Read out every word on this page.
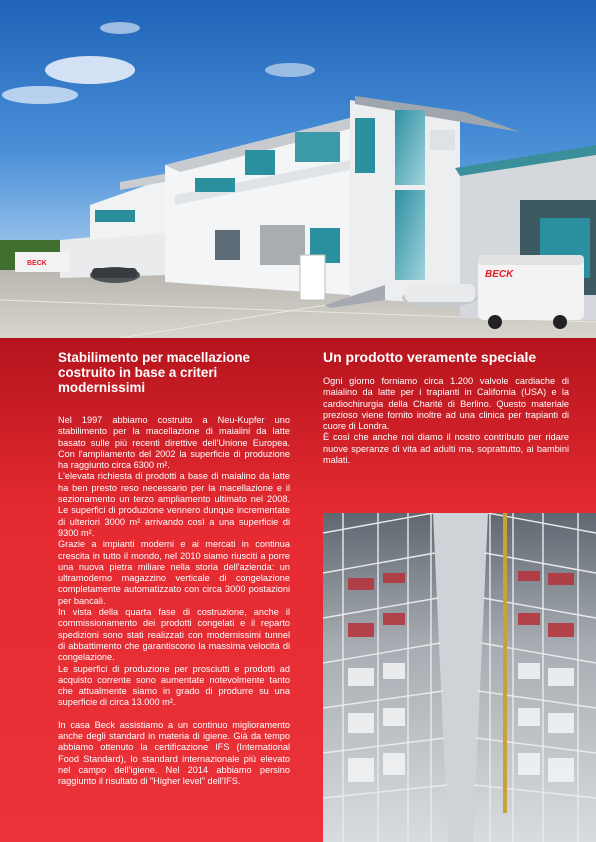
BECK
BECK
Stabilimento per macellazione costruito in base a criteri modernissimi

Nel 1997 abbiamo costruito a Neu-Kupfer uno stabilimento per la macellazione di maialini da latte basato sulle più recenti direttive dell'Unione Europea. Con l'ampliamento del 2002 la superficie di produzione ha raggiunto circa 6300 m².

L'elevata richiesta di prodotti a base di maialino da latte ha ben presto reso necessario per la macellazione e il sezionamento un terzo ampliamento ultimato nel 2008. Le superfici di produzione vennero dunque incrementate di ulteriori 3000 m² arrivando così a una superficie di 9300 m².

Grazie a impianti moderni e ai mercati in continua crescita in tutto il mondo, nel 2010 siamo riusciti a porre una nuova pietra miliare nella storia dell'azienda: un ultramoderno magazzino verticale di congelazione completamente automatizzato con circa 3000 postazioni per bancali.

In vista della quarta fase di costruzione, anche il commissionamento dei prodotti congelati e il reparto spedizioni sono stati realizzati con modernissimi tunnel di abbattimento che garantiscono la massima velocità di congelazione.

Le superfici di produzione per prosciutti e prodotti ad acquisto corrente sono aumentate notevolmente tanto che attualmente siamo in grado di produrre su una superficie di circa 13.000 m².

In casa Beck assistiamo a un continuo miglioramento anche degli standard in materia di igiene. Già da tempo abbiamo ottenuto la certificazione IFS (International Food Standard), lo standard internazionale più elevato nel campo dell'igiene. Nel 2014 abbiamo persino raggiunto il risultato di "Higher level" dell'IFS.

Un prodotto veramente speciale

Ogni giorno forniamo circa 1.200 valvole cardiache di maialino da latte per i trapianti in California (USA) e la cardiochirurgia della Charité di Berlino. Questo materiale prezioso viene fornito inoltre ad una clinica per trapianti di cuore di Londra.

È così che anche noi diamo il nostro contributo per ridare nuove speranze di vita ad adulti ma, soprattutto, ai bambini malati.
